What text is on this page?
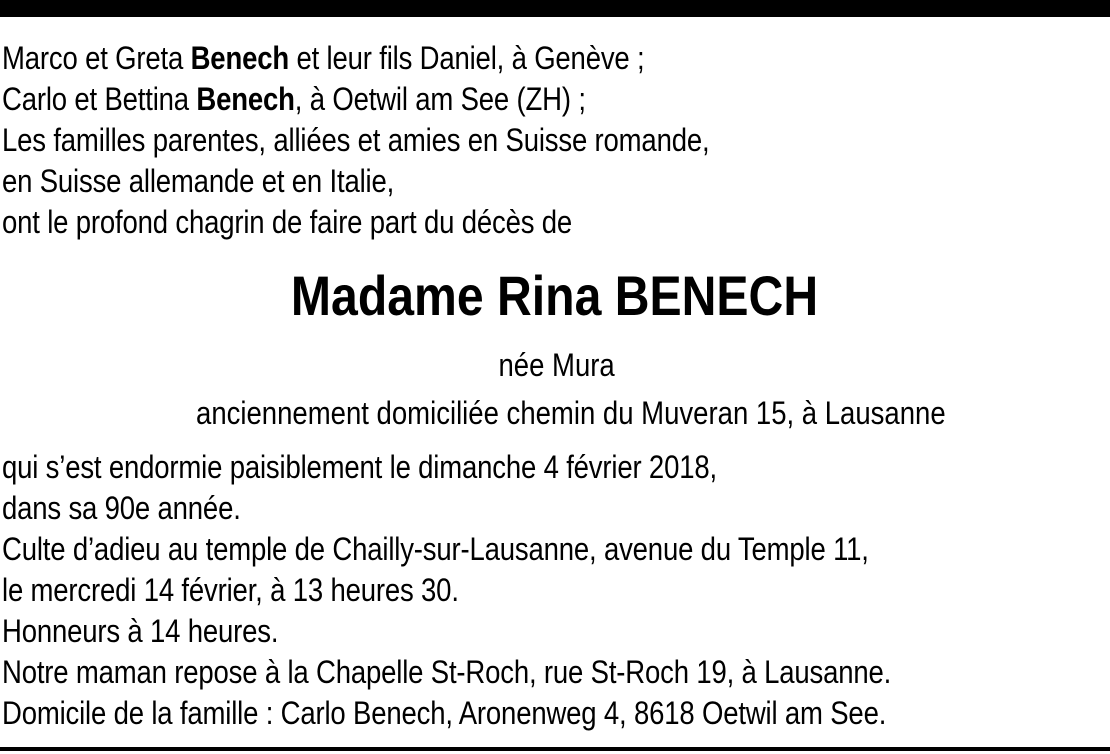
Marco et Greta Benech et leur fils Daniel, à Genève ;
Carlo et Bettina Benech, à Oetwil am See (ZH) ;
Les familles parentes, alliées et amies en Suisse romande,
en Suisse allemande et en Italie,
ont le profond chagrin de faire part du décès de
Madame Rina BENECH
née Mura
anciennement domiciliée chemin du Muveran 15, à Lausanne
qui s’est endormie paisiblement le dimanche 4 février 2018,
dans sa 90e année.
Culte d’adieu au temple de Chailly-sur-Lausanne, avenue du Temple 11,
le mercredi 14 février, à 13 heures 30.
Honneurs à 14 heures.
Notre maman repose à la Chapelle St-Roch, rue St-Roch 19, à Lausanne.
Domicile de la famille : Carlo Benech, Aronenweg 4, 8618 Oetwil am See.
